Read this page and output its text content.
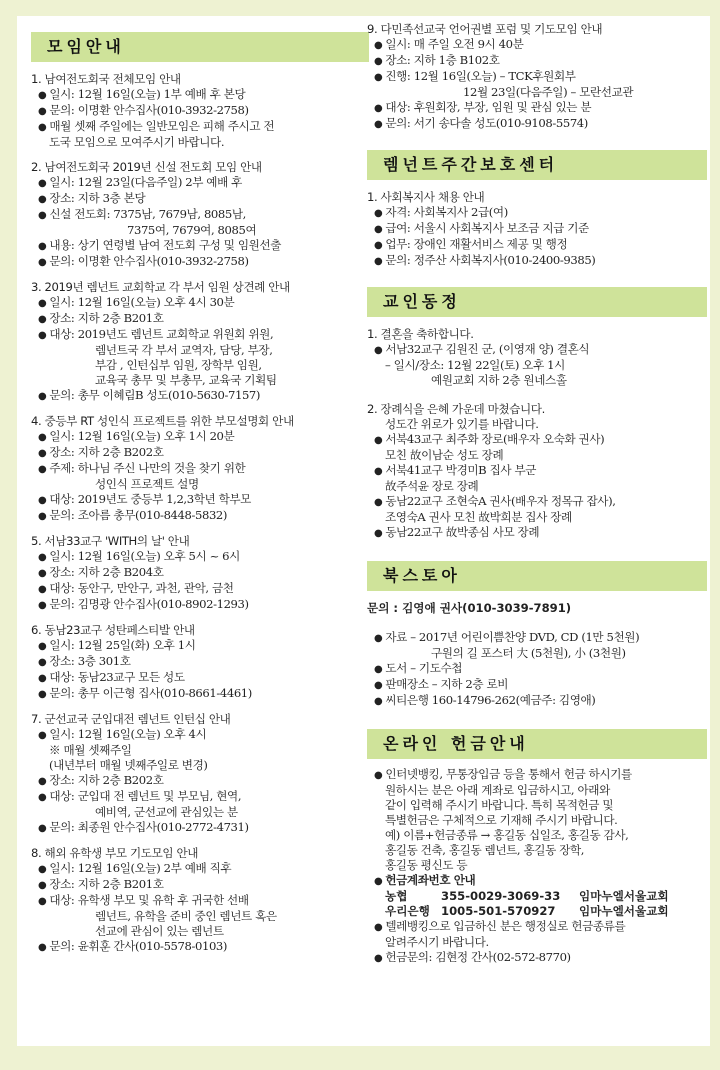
모임안내
1. 남여전도회국 전체모임 안내
● 일시: 12월 16일(오늘) 1부 예배 후 본당
● 문의: 이명환 안수집사(010-3932-2758)
● 매월 셋째 주일에는 일반모임은 피해 주시고 전
도국 모임으로 모여주시기 바랍니다.
2. 남여전도회국 2019년 신설 전도회 모임 안내
● 일시: 12월 23일(다음주일) 2부 예배 후
● 장소: 지하 3층 본당
● 신설 전도회: 7375남, 7679남, 8085남,
7375여, 7679여, 8085여
● 내용: 상기 연령별 남여 전도회 구성 및 임원선출
● 문의: 이명환 안수집사(010-3932-2758)
3. 2019년 렘넌트 교회학교 각 부서 임원 상견례 안내
● 일시: 12월 16일(오늘) 오후 4시 30분
● 장소: 지하 2층 B201호
● 대상: 2019년도 렘넌트 교회학교 위원회 위원,
렘넌트국 각 부서 교역자, 담당, 부장,
부감 , 인턴십부 임원, 장학부 임원,
교육국 총무 및 부총무, 교육국 기획팀
● 문의: 총무 이혜림B 성도(010-5630-7157)
4. 중등부 RT 성인식 프로젝트를 위한 부모설명회 안내
● 일시: 12월 16일(오늘) 오후 1시 20분
● 장소: 지하 2층 B202호
● 주제: 하나님 주신 나만의 것을 찾기 위한
성인식 프로젝트 설명
● 대상: 2019년도 중등부 1,2,3학년 학부모
● 문의: 조아름 총무(010-8448-5832)
5. 서남33교구 'WITH의 날' 안내
● 일시: 12월 16일(오늘) 오후 5시 ~ 6시
● 장소: 지하 2층 B204호
● 대상: 동안구, 만안구, 과천, 관악, 금천
● 문의: 김명광 안수집사(010-8902-1293)
6. 동남23교구 성탄페스티발 안내
● 일시: 12월 25일(화) 오후 1시
● 장소: 3층 301호
● 대상: 동남23교구 모든 성도
● 문의: 총무 이근형 집사(010-8661-4461)
7. 군선교국 군입대전 렘넌트 인턴십 안내
● 일시: 12월 16일(오늘) 오후 4시
※ 매월 셋째주일
(내년부터 매월 넷째주일로 변경)
● 장소: 지하 2층 B202호
● 대상: 군입대 전 렘넌트 및 부모님, 현역,
예비역, 군선교에 관심있는 분
● 문의: 최종원 안수집사(010-2772-4731)
8. 해외 유학생 부모 기도모임 안내
● 일시: 12월 16일(오늘) 2부 예배 직후
● 장소: 지하 2층 B201호
● 대상: 유학생 부모 및 유학 후 귀국한 선배
렘넌트, 유학을 준비 중인 렘넌트 혹은
선교에 관심이 있는 렘넌트
● 문의: 윤휘훈 간사(010-5578-0103)
9. 다민족선교국 언어권별 포럼 및 기도모임 안내
● 일시: 매 주일 오전 9시 40분
● 장소: 지하 1층 B102호
● 진행: 12월 16일(오늘) – TCK후원회부
12월 23일(다음주일) – 모란선교관
● 대상: 후원회장, 부장, 임원 및 관심 있는 분
● 문의: 서기 송다솔 성도(010-9108-5574)
렘넌트주간보호센터
1. 사회복지사 채용 안내
● 자격: 사회복지사 2급(여)
● 급여: 서울시 사회복지사 보조금 지급 기준
● 업무: 장애인 재활서비스 제공 및 행정
● 문의: 정주산 사회복지사(010-2400-9385)
교인동정
1. 결혼을 축하합니다.
● 서남32교구 김원진 군, (이영재 양) 결혼식
– 일시/장소: 12월 22일(토) 오후 1시
예원교회 지하 2층 원네스홀
2. 장례식을 은혜 가운데 마쳤습니다.
성도간 위로가 있기를 바랍니다.
● 서북43교구 최주화 장로(배우자 오숙화 권사)
모친 故이남순 성도 장례
● 서북41교구 박경미B 집사 부군
故주석윤 장로 장례
● 동남22교구 조현숙A 권사(배우자 정목규 잡사),
조영숙A 권사 모친 故박희분 집사 장례
● 동남22교구 故박종심 사모 장례
북스토아
문의 : 김영애 권사(010-3039-7891)
● 자료 – 2017년 어린이쁨찬양 DVD, CD (1만 5천원)
구원의 길 포스터 大 (5천원), 小 (3천원)
● 도서 – 기도수첩
● 판매장소 – 지하 2층 로비
● 씨티은행 160-14796-262(예금주: 김영애)
온라인 헌금안내
● 인터넷뱅킹, 무통장입금 등을 통해서 헌금 하시기를
원하시는 분은 아래 계좌로 입금하시고, 아래와
같이 입력해 주시기 바랍니다. 특히 목적헌금 및
특별헌금은 구체적으로 기재해 주시기 바랍니다.
예) 이름+헌금종류 → 홍길동 십일조, 홍길동 감사,
홍길동 건축, 홍길동 렘넌트, 홍길동 장학,
홍길동 평신도 등
● 헌금계좌번호 안내
농협	355-0029-3069-33	임마누엘서울교회
우리은행 1005-501-570927	임마누엘서울교회
● 텔레뱅킹으로 입금하신 분은 행정실로 헌금종류를
알려주시기 바랍니다.
● 헌금문의: 김현정 간사(02-572-8770)
